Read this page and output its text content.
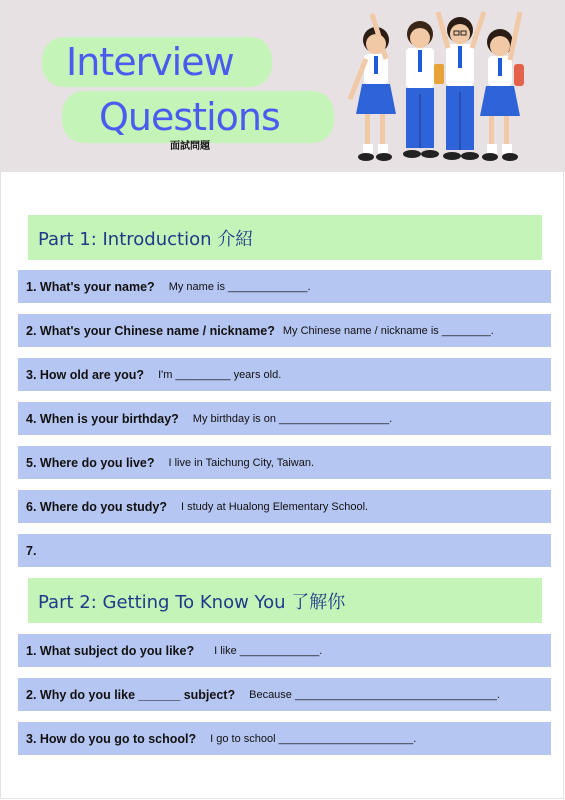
Interview
Questions
面試問題
Part 1: Introduction 介紹
1. What's your name? My name is _____________.
2. What's your Chinese name / nickname? My Chinese name / nickname is ________.
3. How old are you? I'm _________ years old.
4. When is your birthday? My birthday is on __________________.
5. Where do you live? I live in Taichung City, Taiwan.
6. Where do you study? I study at Hualong Elementary School.
7.
Part 2: Getting To Know You 了解你
1. What subject do you like? I like _____________.
2. Why do you like ______ subject? Because _________________________________.
3. How do you go to school? I go to school ______________________.
